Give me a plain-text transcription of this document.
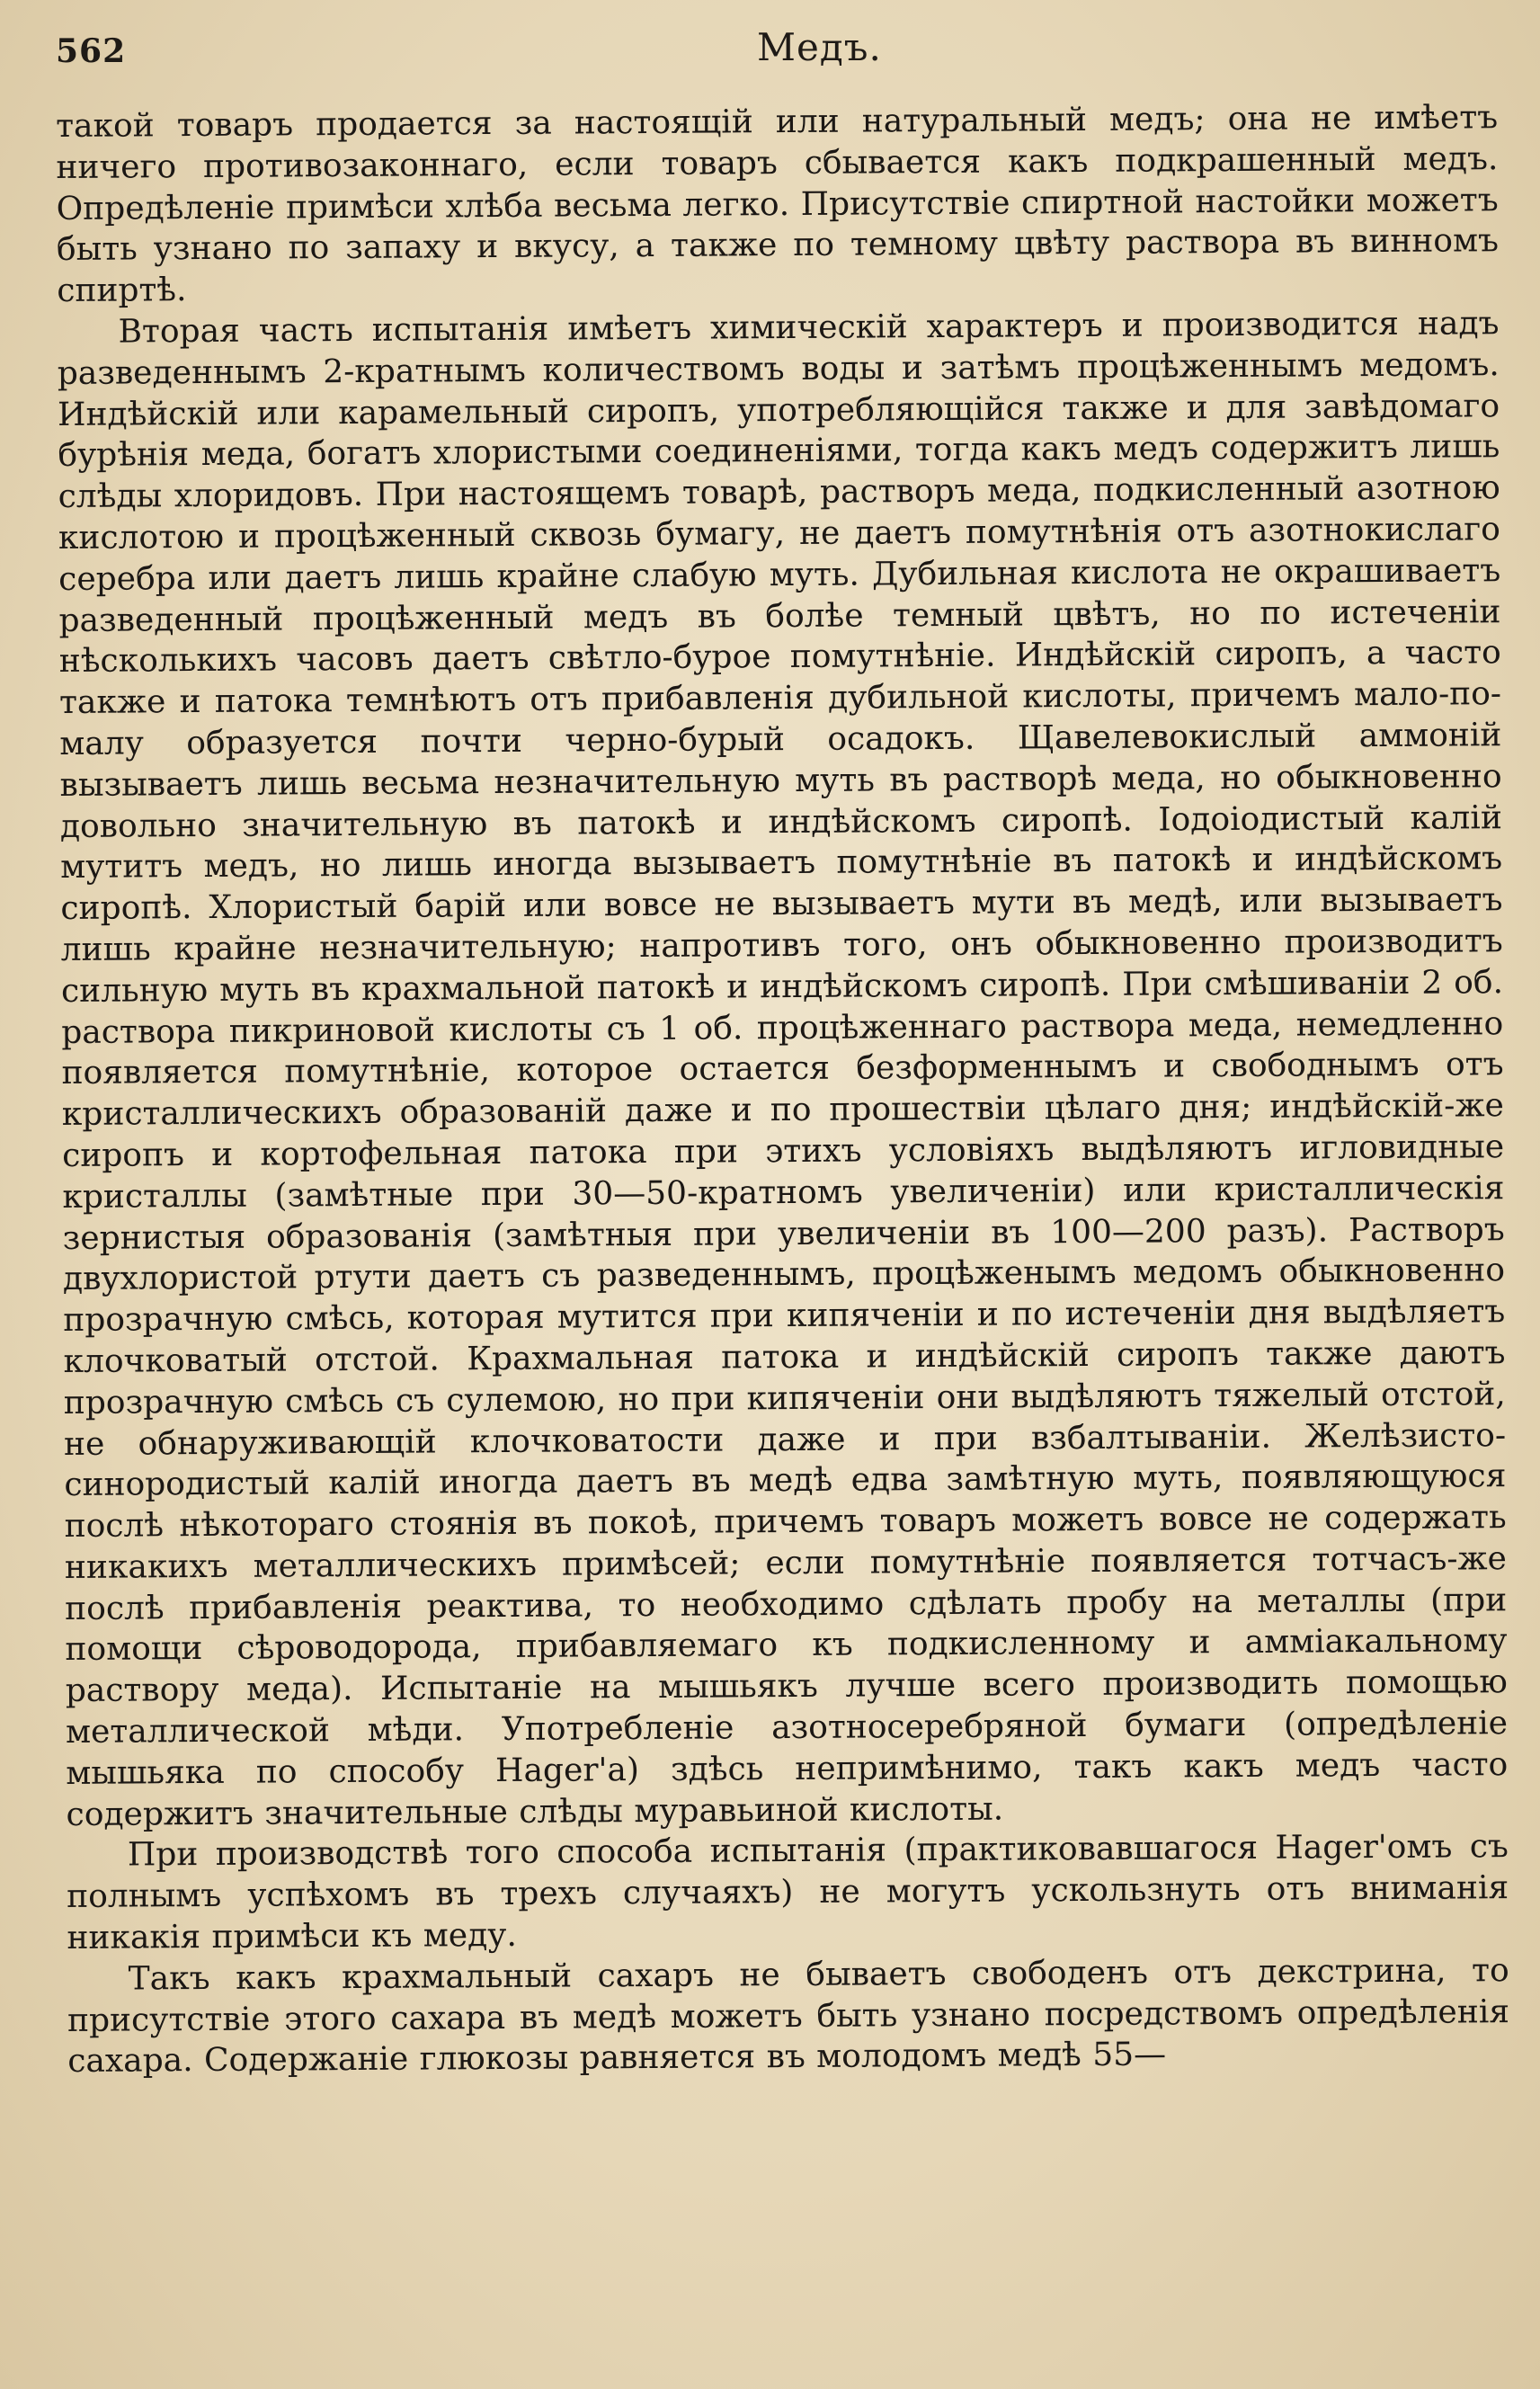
562	Медъ.

такой товаръ продается за настоящій или натуральный медъ; она не имѣетъ ничего противозаконнаго, если товаръ сбывается какъ подкрашенный медъ. Опредѣленіе примѣси хлѣба весьма легко. Присутствіе спиртной настойки можетъ быть узнано по запаху и вкусу, а также по темному цвѣту раствора въ винномъ спиртѣ.

Вторая часть испытанія имѣетъ химическій характеръ и производится надъ разведеннымъ 2-кратнымъ количествомъ воды и затѣмъ процѣженнымъ медомъ. Индѣйскій или карамельный сиропъ, употребляющійся также и для завѣдомаго бурѣнія меда, богатъ хлористыми соединеніями, тогда какъ медъ содержитъ лишь слѣды хлоридовъ. При настоящемъ товарѣ, растворъ меда, подкисленный азотною кислотою и процѣженный сквозь бумагу, не даетъ помутнѣнія отъ азотнокислаго серебра или даетъ лишь крайне слабую муть. Дубильная кислота не окрашиваетъ разведенный процѣженный медъ въ болѣе темный цвѣтъ, но по истеченіи нѣсколькихъ часовъ даетъ свѣтло-бурое помутнѣніе. Индѣйскій сиропъ, а часто также и патока темнѣютъ отъ прибавленія дубильной кислоты, причемъ мало-по-малу образуется почти черно-бурый осадокъ. Щавелевокислый аммоній вызываетъ лишь весьма незначительную муть въ растворѣ меда, но обыкновенно довольно значительную въ патокѣ и индѣйскомъ сиропѣ. Іодоіодистый калій мутитъ медъ, но лишь иногда вызываетъ помутнѣніе въ патокѣ и индѣйскомъ сиропѣ. Хлористый барій или вовсе не вызываетъ мути въ медѣ, или вызываетъ лишь крайне незначительную; напротивъ того, онъ обыкновенно производитъ сильную муть въ крахмальной патокѣ и индѣйскомъ сиропѣ. При смѣшиваніи 2 об. раствора пикриновой кислоты съ 1 об. процѣженнаго раствора меда, немедленно появляется помутнѣніе, которое остается безформеннымъ и свободнымъ отъ кристаллическихъ образованій даже и по прошествіи цѣлаго дня; индѣйскій-же сиропъ и кортофельная патока при этихъ условіяхъ выдѣляютъ игловидные кристаллы (замѣтные при 30—50-кратномъ увеличеніи) или кристаллическія зернистыя образованія (замѣтныя при увеличеніи въ 100—200 разъ). Растворъ двухлористой ртути даетъ съ разведеннымъ, процѣженымъ медомъ обыкновенно прозрачную смѣсь, которая мутится при кипяченіи и по истеченіи дня выдѣляетъ клочковатый отстой. Крахмальная патока и индѣйскій сиропъ также даютъ прозрачную смѣсь съ сулемою, но при кипяченіи они выдѣляютъ тяжелый отстой, не обнаруживающій клочковатости даже и при взбалтываніи. Желѣзисто-синородистый калій иногда даетъ въ медѣ едва замѣтную муть, появляющуюся послѣ нѣкотораго стоянія въ покоѣ, причемъ товаръ можетъ вовсе не содержать никакихъ металлическихъ примѣсей; если помутнѣніе появляется тотчасъ-же послѣ прибавленія реактива, то необходимо сдѣлать пробу на металлы (при помощи сѣроводорода, прибавляемаго къ подкисленному и амміакальному раствору меда). Испытаніе на мышьякъ лучше всего производить помощью металлической мѣди. Употребленіе азотносеребряной бумаги (опредѣленіе мышьяка по способу Hager'а) здѣсь непримѣнимо, такъ какъ медъ часто содержитъ значительные слѣды муравьиной кислоты.

При производствѣ того способа испытанія (практиковавшагося Hager'омъ съ полнымъ успѣхомъ въ трехъ случаяхъ) не могутъ ускользнуть отъ вниманія никакія примѣси къ меду.

Такъ какъ крахмальный сахаръ не бываетъ свободенъ отъ декстрина, то присутствіе этого сахара въ медѣ можетъ быть узнано посредствомъ опредѣленія сахара. Содержаніе глюкозы равняется въ молодомъ медѣ 55—
